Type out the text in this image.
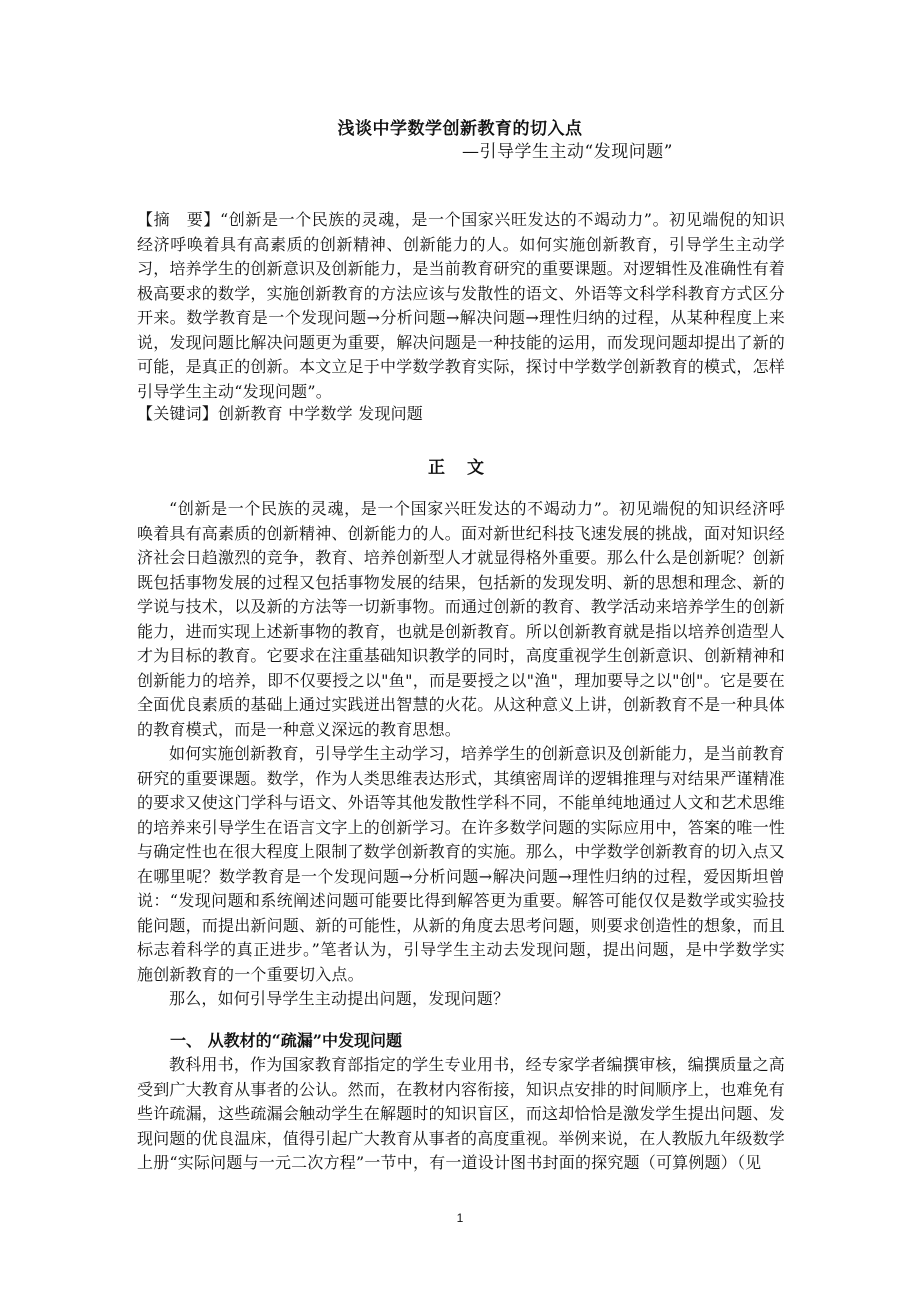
浅谈中学数学创新教育的切入点
—引导学生主动“发现问题”
【摘　要】“创新是一个民族的灵魂，是一个国家兴旺发达的不竭动力”。初见端倪的知识经济呼唤着具有高素质的创新精神、创新能力的人。如何实施创新教育，引导学生主动学习，培养学生的创新意识及创新能力，是当前教育研究的重要课题。对逻辑性及准确性有着极高要求的数学，实施创新教育的方法应该与发散性的语文、外语等文科学科教育方式区分开来。数学教育是一个发现问题→分析问题→解决问题→理性归纳的过程，从某种程度上来说，发现问题比解决问题更为重要，解决问题是一种技能的运用，而发现问题却提出了新的可能，是真正的创新。本文立足于中学数学教育实际，探讨中学数学创新教育的模式，怎样引导学生主动“发现问题”。
【关键词】创新教育 中学数学 发现问题
正 文

“创新是一个民族的灵魂，是一个国家兴旺发达的不竭动力”。初见端倪的知识经济呼唤着具有高素质的创新精神、创新能力的人。面对新世纪科技飞速发展的挑战，面对知识经济社会日趋激烈的竞争，教育、培养创新型人才就显得格外重要。那么什么是创新呢？创新既包括事物发展的过程又包括事物发展的结果，包括新的发现发明、新的思想和理念、新的学说与技术，以及新的方法等一切新事物。而通过创新的教育、教学活动来培养学生的创新能力，进而实现上述新事物的教育，也就是创新教育。所以创新教育就是指以培养创造型人才为目标的教育。它要求在注重基础知识教学的同时，高度重视学生创新意识、创新精神和创新能力的培养，即不仅要授之以"鱼"，而是要授之以"渔"，理加要导之以"创"。它是要在全面优良素质的基础上通过实践迸出智慧的火花。从这种意义上讲，创新教育不是一种具体的教育模式，而是一种意义深远的教育思想。

如何实施创新教育，引导学生主动学习，培养学生的创新意识及创新能力，是当前教育研究的重要课题。数学，作为人类思维表达形式，其缜密周详的逻辑推理与对结果严谨精准的要求又使这门学科与语文、外语等其他发散性学科不同，不能单纯地通过人文和艺术思维的培养来引导学生在语言文字上的创新学习。在许多数学问题的实际应用中，答案的唯一性与确定性也在很大程度上限制了数学创新教育的实施。那么，中学数学创新教育的切入点又在哪里呢？数学教育是一个发现问题→分析问题→解决问题→理性归纳的过程，爱因斯坦曾说：“发现问题和系统阐述问题可能要比得到解答更为重要。解答可能仅仅是数学或实验技能问题，而提出新问题、新的可能性，从新的角度去思考问题，则要求创造性的想象，而且标志着科学的真正进步。”笔者认为，引导学生主动去发现问题，提出问题，是中学数学实施创新教育的一个重要切入点。

那么，如何引导学生主动提出问题，发现问题？

一、 从教材的“疏漏”中发现问题

教科用书，作为国家教育部指定的学生专业用书，经专家学者编撰审核，编撰质量之高受到广大教育从事者的公认。然而，在教材内容衔接，知识点安排的时间顺序上，也难免有些许疏漏，这些疏漏会触动学生在解题时的知识盲区，而这却恰恰是激发学生提出问题、发现问题的优良温床，值得引起广大教育从事者的高度重视。举例来说，在人教版九年级数学上册“实际问题与一元二次方程”一节中，有一道设计图书封面的探究题（可算例题）（见

1
